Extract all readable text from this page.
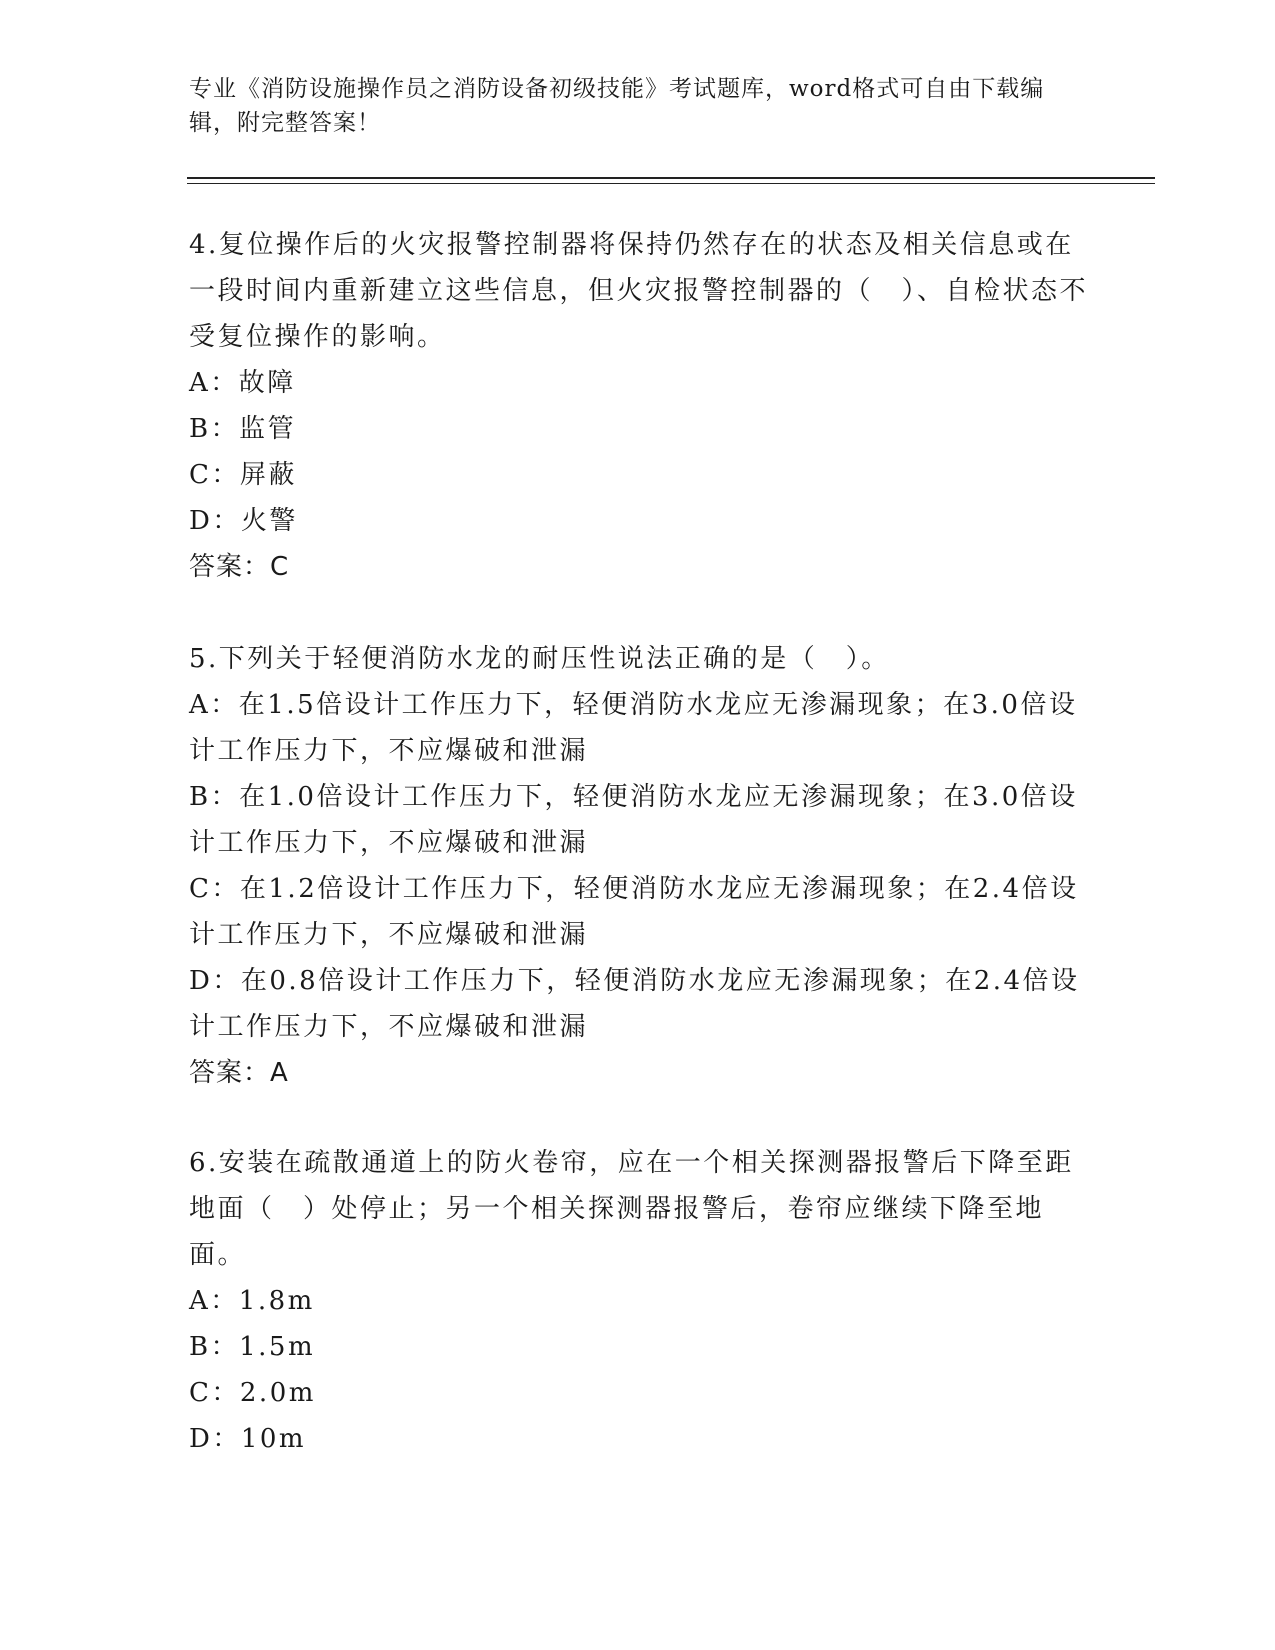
专业《消防设施操作员之消防设备初级技能》考试题库，word格式可自由下载编辑，附完整答案！
4.复位操作后的火灾报警控制器将保持仍然存在的状态及相关信息或在一段时间内重新建立这些信息，但火灾报警控制器的（　）、自检状态不受复位操作的影响。
A：故障
B：监管
C：屏蔽
D：火警
答案：C
5.下列关于轻便消防水龙的耐压性说法正确的是（　）。
A：在1.5倍设计工作压力下，轻便消防水龙应无渗漏现象；在3.0倍设计工作压力下，不应爆破和泄漏
B：在1.0倍设计工作压力下，轻便消防水龙应无渗漏现象；在3.0倍设计工作压力下，不应爆破和泄漏
C：在1.2倍设计工作压力下，轻便消防水龙应无渗漏现象；在2.4倍设计工作压力下，不应爆破和泄漏
D：在0.8倍设计工作压力下，轻便消防水龙应无渗漏现象；在2.4倍设计工作压力下，不应爆破和泄漏
答案：A
6.安装在疏散通道上的防火卷帘，应在一个相关探测器报警后下降至距地面（　）处停止；另一个相关探测器报警后，卷帘应继续下降至地面。
A：1.8m
B：1.5m
C：2.0m
D：10m
